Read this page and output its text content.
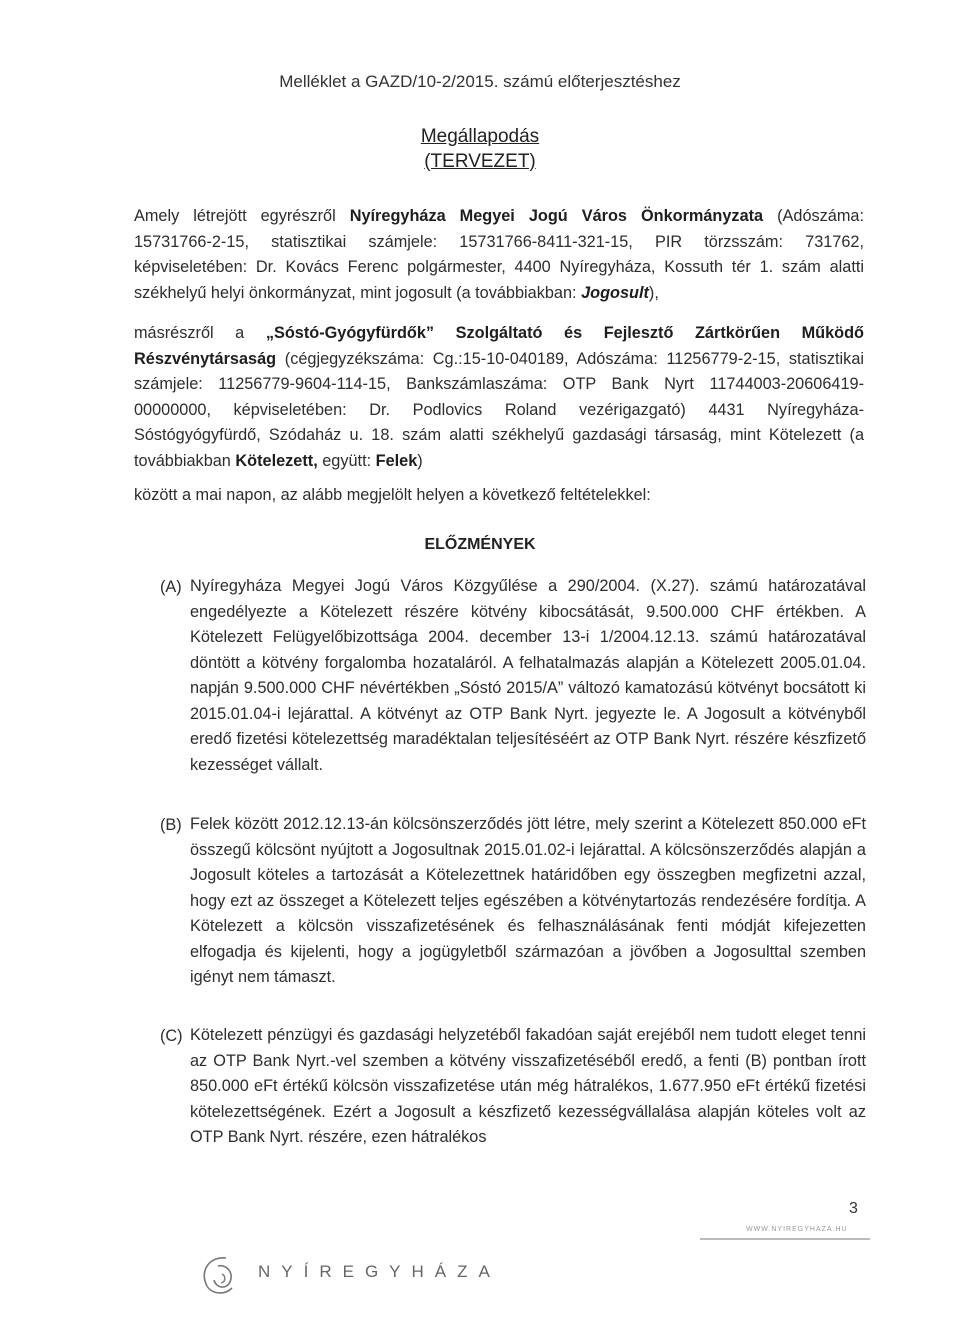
Melléklet a GAZD/10-2/2015. számú előterjesztéshez
Megállapodás
(TERVEZET)
Amely létrejött egyrészről Nyíregyháza Megyei Jogú Város Önkormányzata (Adószáma: 15731766-2-15, statisztikai számjele: 15731766-8411-321-15, PIR törzsszám: 731762, képviseletében: Dr. Kovács Ferenc polgármester, 4400 Nyíregyháza, Kossuth tér 1. szám alatti székhelyű helyi önkormányzat, mint jogosult (a továbbiakban: Jogosult),
másrészről a „Sóstó-Gyógyfürdők” Szolgáltató és Fejlesztő Zártkörűen Működő Részvénytársaság (cégjegyzékszáma: Cg.:15-10-040189, Adószáma: 11256779-2-15, statisztikai számjele: 11256779-9604-114-15, Bankszámlaszáma: OTP Bank Nyrt 11744003-20606419-00000000, képviseletében: Dr. Podlovics Roland vezérigazgató) 4431 Nyíregyháza-Sóstógyógyfürdő, Szódaház u. 18. szám alatti székhelyű gazdasági társaság, mint Kötelezett (a továbbiakban Kötelezett, együtt: Felek)
között a mai napon, az alább megjelölt helyen a következő feltételekkel:
ELŐZMÉNYEK
(A) Nyíregyháza Megyei Jogú Város Közgyűlése a 290/2004. (X.27). számú határozatával engedélyezte a Kötelezett részére kötvény kibocsátását, 9.500.000 CHF értékben. A Kötelezett Felügyelőbizottsága 2004. december 13-i 1/2004.12.13. számú határozatával döntött a kötvény forgalomba hozataláról. A felhatalmazás alapján a Kötelezett 2005.01.04. napján 9.500.000 CHF névértékben „Sóstó 2015/A” változó kamatozású kötvényt bocsátott ki 2015.01.04-i lejárattal. A kötvényt az OTP Bank Nyrt. jegyezte le. A Jogosult a kötvényből eredő fizetési kötelezettség maradéktalan teljesítéséért az OTP Bank Nyrt. részére készfizető kezességet vállalt.
(B) Felek között 2012.12.13-án kölcsönszerződés jött létre, mely szerint a Kötelezett 850.000 eFt összegű kölcsönt nyújtott a Jogosultnak 2015.01.02-i lejárattal. A kölcsönszerződés alapján a Jogosult köteles a tartozását a Kötelezettnek határidőben egy összegben megfizetni azzal, hogy ezt az összeget a Kötelezett teljes egészében a kötvénytartozás rendezésére fordítja. A Kötelezett a kölcsön visszafizetésének és felhasználásának fenti módját kifejezetten elfogadja és kijelenti, hogy a jogügyletből származóan a jövőben a Jogosulttal szemben igényt nem támaszt.
(C) Kötelezett pénzügyi és gazdasági helyzetéből fakadóan saját erejéből nem tudott eleget tenni az OTP Bank Nyrt.-vel szemben a kötvény visszafizetéséből eredő, a fenti (B) pontban írott 850.000 eFt értékű kölcsön visszafizetése után még hátralékos, 1.677.950 eFt értékű fizetési kötelezettségének. Ezért a Jogosult a készfizető kezességvállalása alapján köteles volt az OTP Bank Nyrt. részére, ezen hátralékos
3
WWW.NYIREGYHAZA.HU
NYÍREGYHÁZA
